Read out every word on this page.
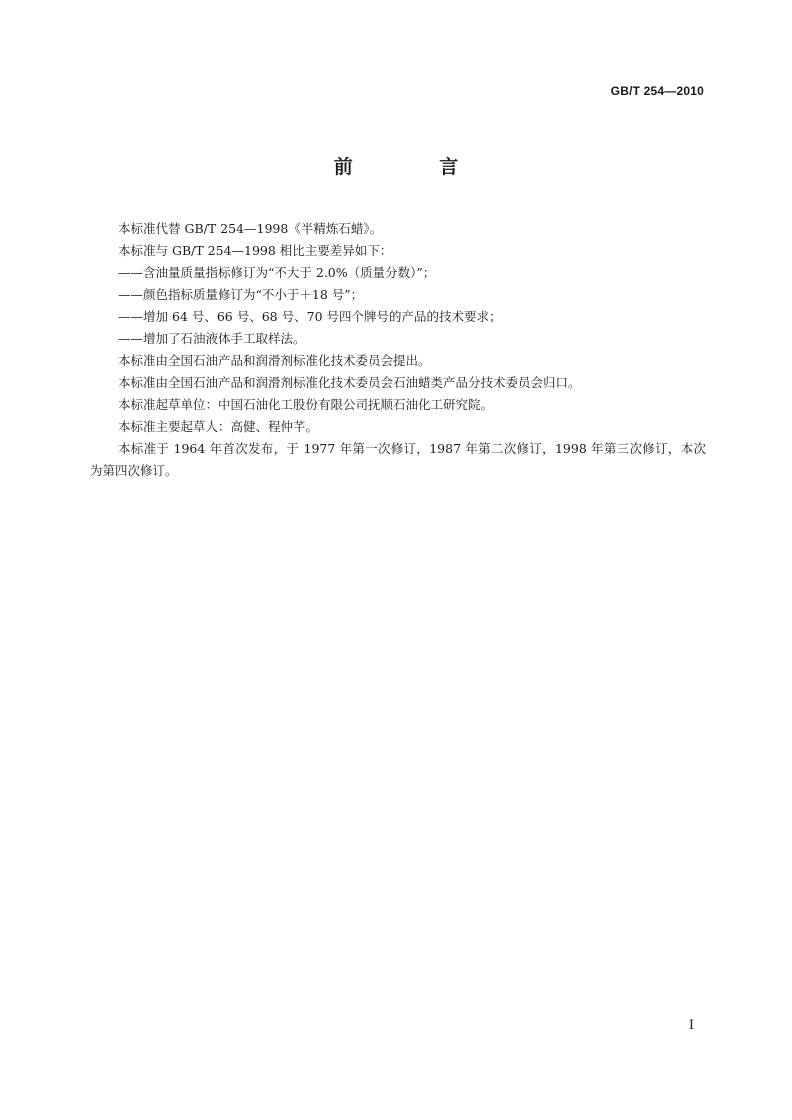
GB/T 254—2010
前 言

本标准代替 GB/T 254—1998《半精炼石蜡》。

本标准与 GB/T 254—1998 相比主要差异如下：

——含油量质量指标修订为“不大于 2.0%（质量分数）”；

——颜色指标质量修订为“不小于＋18 号”；

——增加 64 号、66 号、68 号、70 号四个牌号的产品的技术要求；

——增加了石油液体手工取样法。

本标准由全国石油产品和润滑剂标准化技术委员会提出。

本标准由全国石油产品和润滑剂标准化技术委员会石油蜡类产品分技术委员会归口。

本标准起草单位：中国石油化工股份有限公司抚顺石油化工研究院。

本标准主要起草人：高健、程仲芊。

本标准于 1964 年首次发布，于 1977 年第一次修订，1987 年第二次修订，1998 年第三次修订，本次为第四次修订。

I
